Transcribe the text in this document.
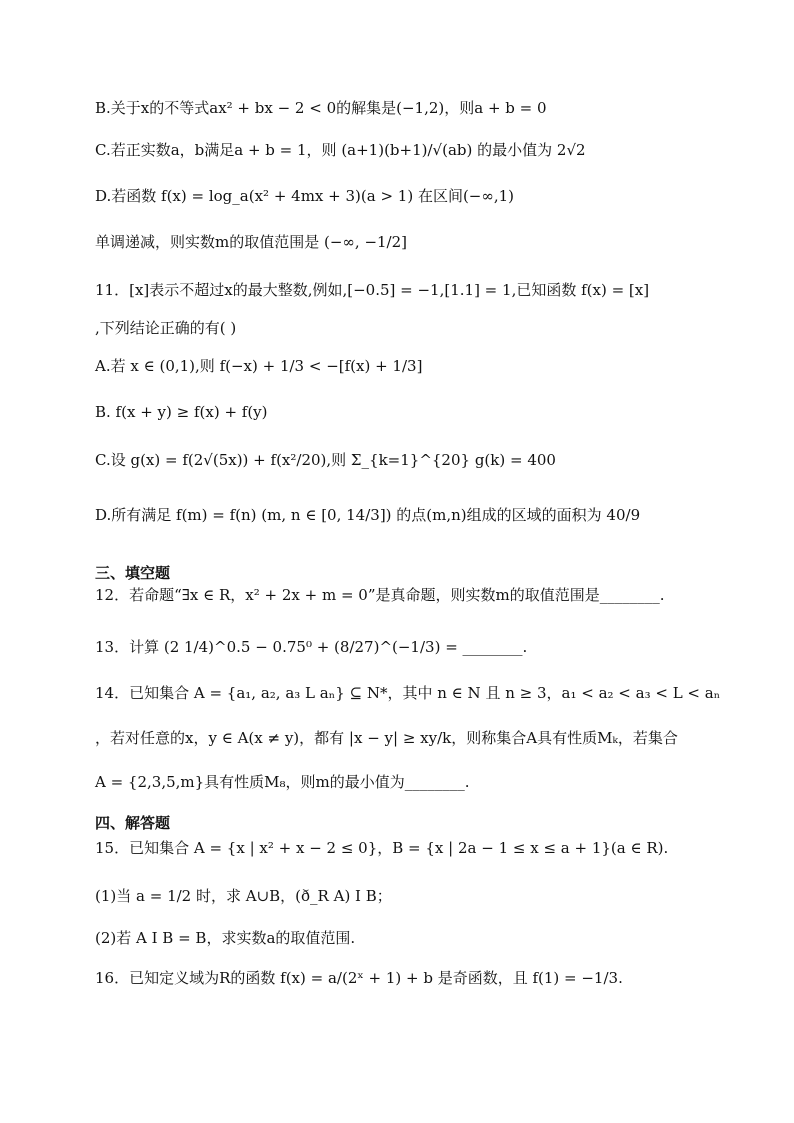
B.关于x的不等式ax² + bx − 2 < 0的解集是(−1,2)，则a + b = 0
C.若正实数a，b满足a + b = 1，则 (a+1)(b+1)/√(ab) 的最小值为 2√2
D.若函数 f(x) = log_a(x² + 4mx + 3)(a > 1) 在区间(−∞,1)
单调递减，则实数m的取值范围是 (−∞, −1/2]
11．[x]表示不超过x的最大整数,例如,[−0.5] = −1,[1.1] = 1,已知函数 f(x) = [x]
,下列结论正确的有( )
A.若 x ∈ (0,1),则 f(−x) + 1/3 < −[f(x) + 1/3]
B. f(x + y) ≥ f(x) + f(y)
C.设 g(x) = f(2√(5x)) + f(x²/20),则 Σ_{k=1}^{20} g(k) = 400
D.所有满足 f(m) = f(n) (m, n ∈ [0, 14/3]) 的点(m,n)组成的区域的面积为 40/9
三、填空题
12．若命题“∃x ∈ R，x² + 2x + m = 0”是真命题，则实数m的取值范围是________.
13．计算 (2 1/4)^0.5 − 0.75⁰ + (8/27)^(−1/3) = ________.
14．已知集合 A = {a₁, a₂, a₃ L aₙ} ⊆ N*，其中 n ∈ N 且 n ≥ 3，a₁ < a₂ < a₃ < L < aₙ
，若对任意的x，y ∈ A(x ≠ y)，都有 |x − y| ≥ xy/k，则称集合A具有性质Mₖ，若集合
A = {2,3,5,m}具有性质M₈，则m的最小值为________.
四、解答题
15．已知集合 A = {x | x² + x − 2 ≤ 0}，B = {x | 2a − 1 ≤ x ≤ a + 1}(a ∈ R).
(1)当 a = 1/2 时，求 A∪B，(ð_R A) I B；
(2)若 A I B = B，求实数a的取值范围.
16．已知定义域为R的函数 f(x) = a/(2ˣ + 1) + b 是奇函数，且 f(1) = −1/3.
